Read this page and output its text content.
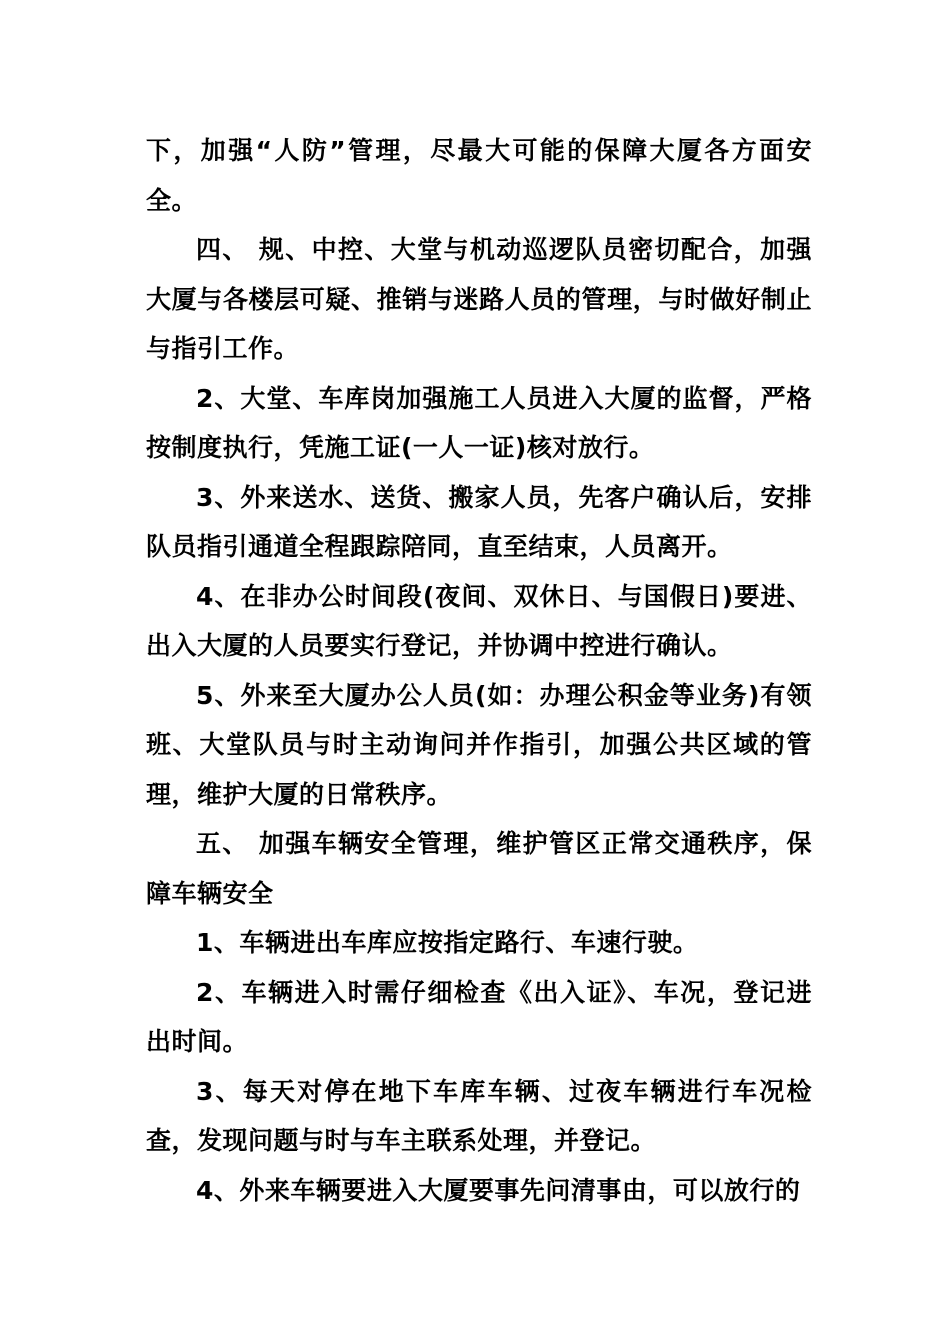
下，加强“人防”管理，尽最大可能的保障大厦各方面安全。

四、 规、中控、大堂与机动巡逻队员密切配合，加强大厦与各楼层可疑、推销与迷路人员的管理，与时做好制止与指引工作。

2、大堂、车库岗加强施工人员进入大厦的监督，严格按制度执行，凭施工证(一人一证)核对放行。

3、外来送水、送货、搬家人员，先客户确认后，安排队员指引通道全程跟踪陪同，直至结束，人员离开。

4、在非办公时间段(夜间、双休日、与国假日)要进、出入大厦的人员要实行登记，并协调中控进行确认。

5、外来至大厦办公人员(如：办理公积金等业务)有领班、大堂队员与时主动询问并作指引，加强公共区域的管理，维护大厦的日常秩序。

五、 加强车辆安全管理，维护管区正常交通秩序，保障车辆安全

1、车辆进出车库应按指定路行、车速行驶。

2、车辆进入时需仔细检查《出入证》、车况，登记进出时间。

3、每天对停在地下车库车辆、过夜车辆进行车况检查，发现问题与时与车主联系处理，并登记。

4、外来车辆要进入大厦要事先问清事由，可以放行的
